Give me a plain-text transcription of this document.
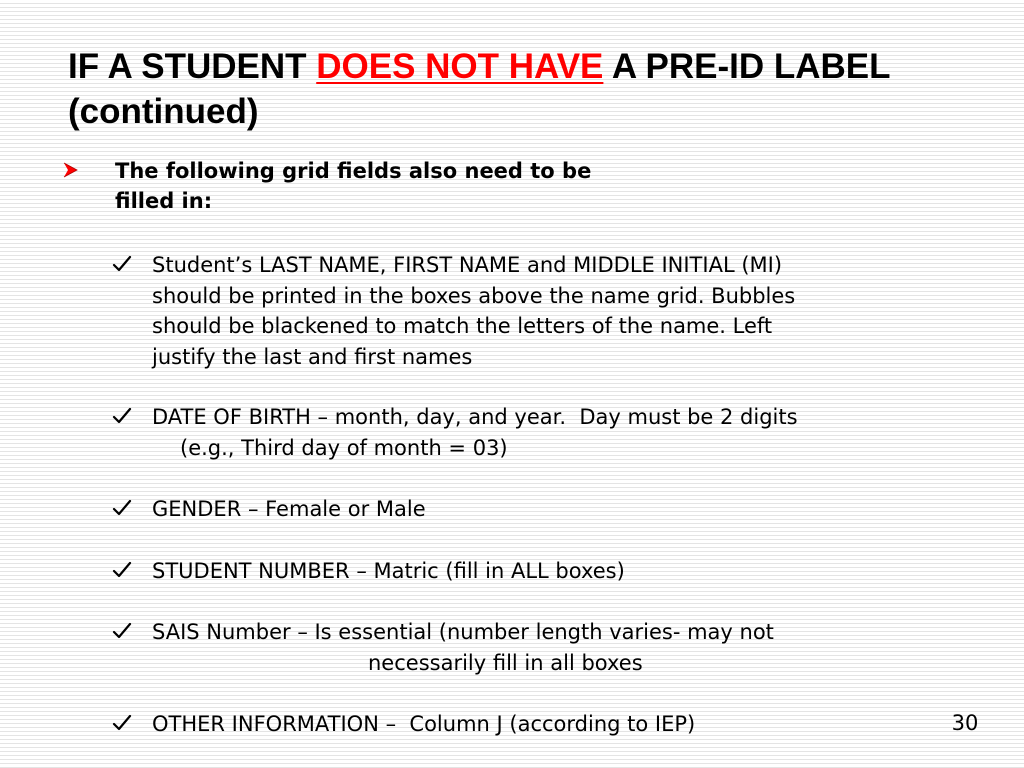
IF A STUDENT DOES NOT HAVE A PRE-ID LABEL
(continued)
The following grid fields also need to be
filled in:
Student’s LAST NAME, FIRST NAME and MIDDLE INITIAL (MI)
should be printed in the boxes above the name grid. Bubbles
should be blackened to match the letters of the name. Left
justify the last and first names
DATE OF BIRTH – month, day, and year.  Day must be 2 digits
(e.g., Third day of month = 03)
GENDER – Female or Male
STUDENT NUMBER – Matric (fill in ALL boxes)
SAIS Number – Is essential (number length varies- may not
necessarily fill in all boxes
OTHER INFORMATION –  Column J (according to IEP)	30
